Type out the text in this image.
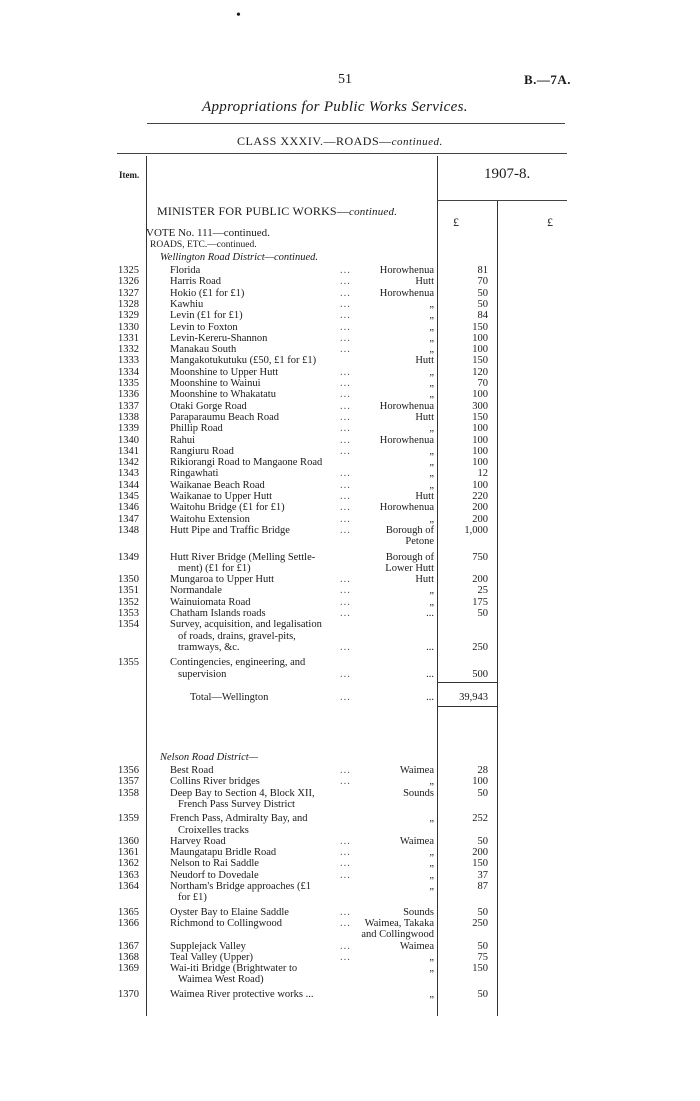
•
51	B.—7A.
Appropriations for Public Works Services.
CLASS XXXIV.—ROADS—continued.
Item.	1907-8.
£	£
MINISTER FOR PUBLIC WORKS—continued.
VOTE No. 111—continued.
ROADS, ETC.—continued.
Wellington Road District—continued.
1325	Florida	...	Horowhenua	81
1326	Harris Road	...	Hutt	70
1327	Hokio (£1 for £1)	...	Horowhenua	50
1328	Kawhiu	...	„	50
1329	Levin (£1 for £1)	...	„	84
1330	Levin to Foxton	...	„	150
1331	Levin-Kereru-Shannon	...	„	100
1332	Manakau South	...	„	100
1333	Mangakotukutuku (£50, £1 for £1)	Hutt	150
1334	Moonshine to Upper Hutt	...	„	120
1335	Moonshine to Wainui	...	„	70
1336	Moonshine to Whakatatu	...	„	100
1337	Otaki Gorge Road	...	Horowhenua	300
1338	Paraparaumu Beach Road	...	Hutt	150
1339	Phillip Road	...	„	100
1340	Rahui	...	Horowhenua	100
1341	Rangiuru Road	...	„	100
1342	Rikiorangi Road to Mangaone Road	„	100
1343	Ringawhati	...	„	12
1344	Waikanae Beach Road	...	„	100
1345	Waikanae to Upper Hutt	...	Hutt	220
1346	Waitohu Bridge (£1 for £1)	...	Horowhenua	200
1347	Waitohu Extension	...	„	200
1348	Hutt Pipe and Traffic Bridge	...	Borough of	1,000
Petone
1349	Hutt River Bridge (Melling Settle-	Borough of	750
ment) (£1 for £1)	Lower Hutt
1350	Mungaroa to Upper Hutt	...	Hutt	200
1351	Normandale	...	„	25
1352	Wainuiomata Road	...	„	175
1353	Chatham Islands roads	...	...	50
1354	Survey, acquisition, and legalisation
of roads, drains, gravel-pits,
tramways, &c.	...	...	250
1355	Contingencies, engineering, and
supervision	...	...	500
Total—Wellington	...	... 39,943
1356	Best Road	...	Waimea	28
1357	Collins River bridges	...	„	100
1358	Deep Bay to Section 4, Block XII,	Sounds	50
French Pass Survey District
1359	French Pass, Admiralty Bay, and	„	252
Croixelles tracks
1360	Harvey Road	...	Waimea	50
1361	Maungatapu Bridle Road	...	„	200
1362	Nelson to Rai Saddle	...	„	150
1363	Neudorf to Dovedale	...	„	37
1364	Northam's Bridge approaches (£1	„	87
for £1)
1365	Oyster Bay to Elaine Saddle	...	Sounds	50
1366	Richmond to Collingwood	... Waimea, Takaka	250
and Collingwood
1367	Supplejack Valley	...	Waimea	50
1368	Teal Valley (Upper)	...	„	75
1369	Wai-iti Bridge (Brightwater to	„	150
Waimea West Road)
1370	Waimea River protective works ...	„	50
Nelson Road District—
